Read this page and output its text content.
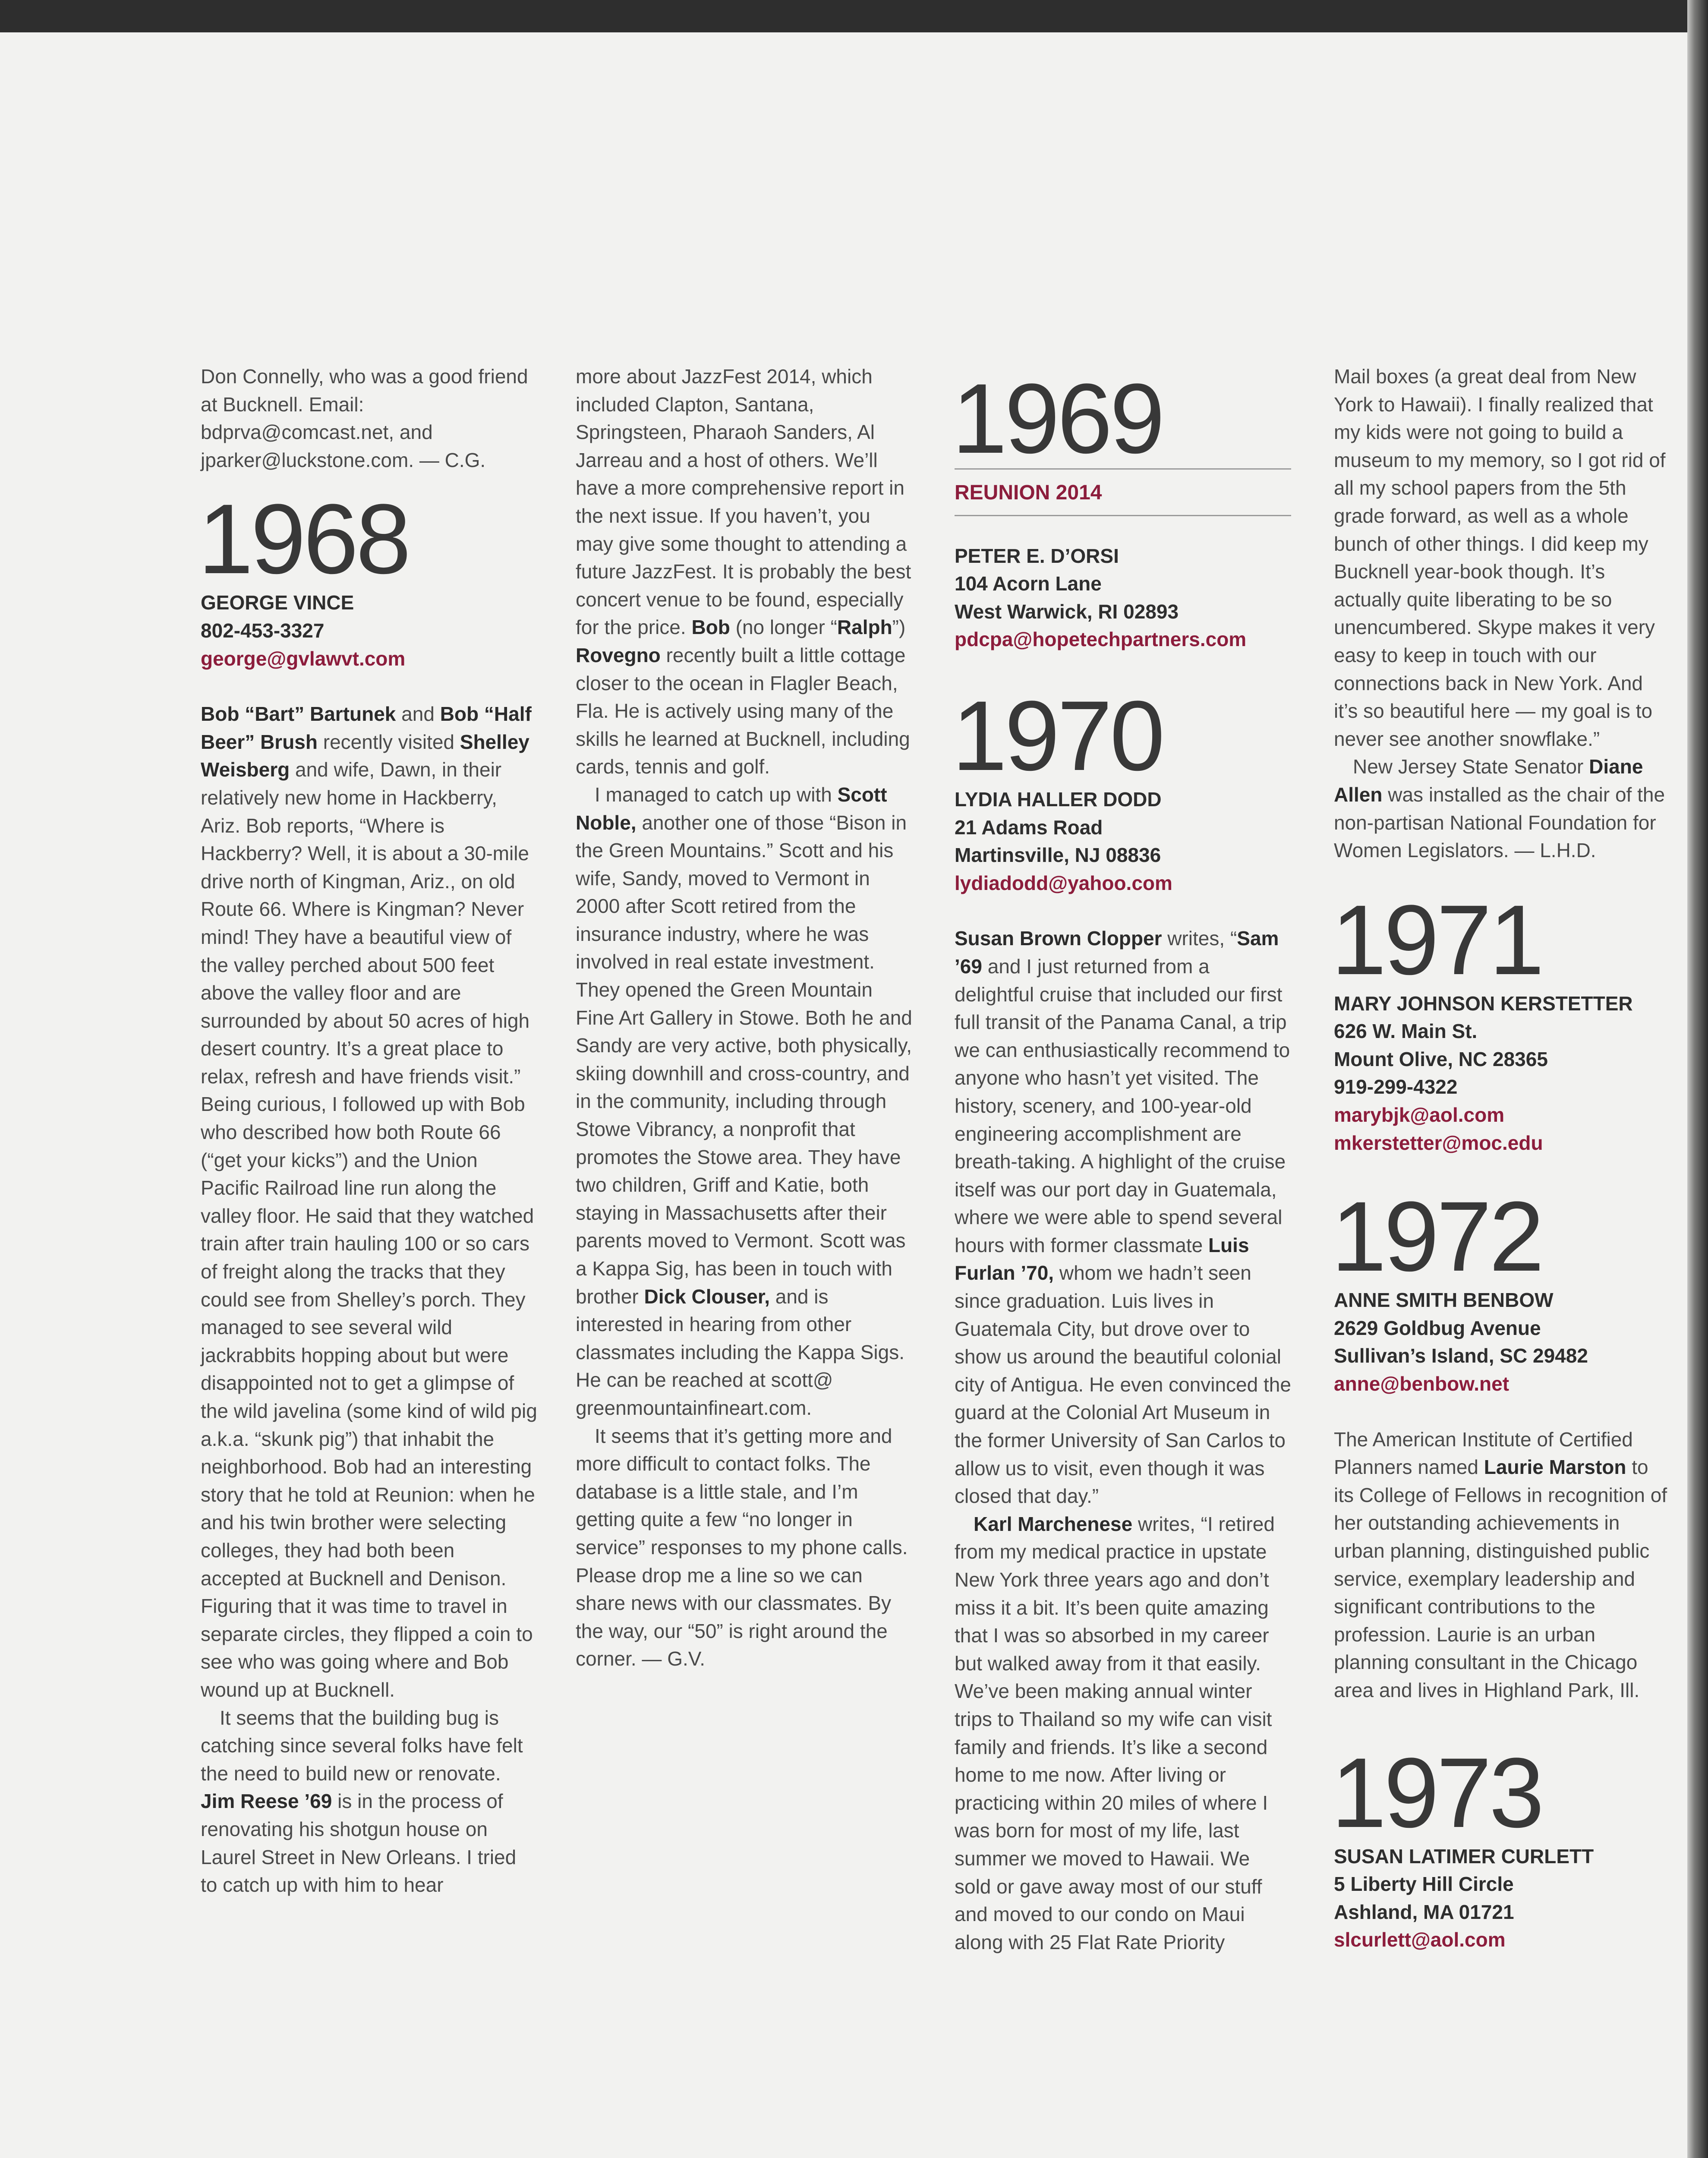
Don Connelly, who was a good friend at Bucknell. Email: bdprva@comcast.net, and jparker@luckstone.com. — C.G.

1968
GEORGE VINCE
802-453-3327
george@gvlawvt.com

Bob “Bart” Bartunek and Bob “Half Beer” Brush recently visited Shelley Weisberg and wife, Dawn, in their relatively new home in Hackberry, Ariz. Bob reports, “Where is Hackberry? Well, it is about a 30-mile drive north of Kingman, Ariz., on old Route 66. Where is Kingman? Never mind! They have a beautiful view of the valley perched about 500 feet above the valley floor and are surrounded by about 50 acres of high desert country. It’s a great place to relax, refresh and have friends visit.” Being curious, I followed up with Bob who described how both Route 66 (“get your kicks”) and the Union Pacific Railroad line run along the valley floor. He said that they watched train after train hauling 100 or so cars of freight along the tracks that they could see from Shelley’s porch. They managed to see several wild jackrabbits hopping about but were disappointed not to get a glimpse of the wild javelina (some kind of wild pig a.k.a. “skunk pig”) that inhabit the neighborhood. Bob had an interesting story that he told at Reunion: when he and his twin brother were selecting colleges, they had both been accepted at Bucknell and Denison. Figuring that it was time to travel in separate circles, they flipped a coin to see who was going where and Bob wound up at Bucknell.

It seems that the building bug is catching since several folks have felt the need to build new or renovate. Jim Reese ’69 is in the process of renovating his shotgun house on Laurel Street in New Orleans. I tried to catch up with him to hear

more about JazzFest 2014, which included Clapton, Santana, Springsteen, Pharaoh Sanders, Al Jarreau and a host of others. We’ll have a more comprehensive report in the next issue. If you haven’t, you may give some thought to attending a future JazzFest. It is probably the best concert venue to be found, especially for the price. Bob (no longer “Ralph”) Rovegno recently built a little cottage closer to the ocean in Flagler Beach, Fla. He is actively using many of the skills he learned at Bucknell, including cards, tennis and golf.

I managed to catch up with Scott Noble, another one of those “Bison in the Green Mountains.” Scott and his wife, Sandy, moved to Vermont in 2000 after Scott retired from the insurance industry, where he was involved in real estate investment. They opened the Green Mountain Fine Art Gallery in Stowe. Both he and Sandy are very active, both physically, skiing downhill and cross-country, and in the community, including through Stowe Vibrancy, a nonprofit that promotes the Stowe area. They have two children, Griff and Katie, both staying in Massachusetts after their parents moved to Vermont. Scott was a Kappa Sig, has been in touch with brother Dick Clouser, and is interested in hearing from other classmates including the Kappa Sigs. He can be reached at scott@ greenmountainfineart.com.

It seems that it’s getting more and more difficult to contact folks. The database is a little stale, and I’m getting quite a few “no longer in service” responses to my phone calls. Please drop me a line so we can share news with our classmates. By the way, our “50” is right around the corner. — G.V.

1969
REUNION 2014
PETER E. D’ORSI
104 Acorn Lane
West Warwick, RI 02893
pdcpa@hopetechpartners.com
1970
LYDIA HALLER DODD
21 Adams Road
Martinsville, NJ 08836
lydiadodd@yahoo.com

Susan Brown Clopper writes, “Sam ’69 and I just returned from a delightful cruise that included our first full transit of the Panama Canal, a trip we can enthusiastically recommend to anyone who hasn’t yet visited. The history, scenery, and 100-year-old engineering accomplishment are breath-taking. A highlight of the cruise itself was our port day in Guatemala, where we were able to spend several hours with former classmate Luis Furlan ’70, whom we hadn’t seen since graduation. Luis lives in Guatemala City, but drove over to show us around the beautiful colonial city of Antigua. He even convinced the guard at the Colonial Art Museum in the former University of San Carlos to allow us to visit, even though it was closed that day.”

Karl Marchenese writes, “I retired from my medical practice in upstate New York three years ago and don’t miss it a bit. It’s been quite amazing that I was so absorbed in my career but walked away from it that easily. We’ve been making annual winter trips to Thailand so my wife can visit family and friends. It’s like a second home to me now. After living or practicing within 20 miles of where I was born for most of my life, last summer we moved to Hawaii. We sold or gave away most of our stuff and moved to our condo on Maui along with 25 Flat Rate Priority

Mail boxes (a great deal from New York to Hawaii). I finally realized that my kids were not going to build a museum to my memory, so I got rid of all my school papers from the 5th grade forward, as well as a whole bunch of other things. I did keep my Bucknell year-book though. It’s actually quite liberating to be so unencumbered. Skype makes it very easy to keep in touch with our connections back in New York. And it’s so beautiful here — my goal is to never see another snowflake.”

New Jersey State Senator Diane Allen was installed as the chair of the non-partisan National Foundation for Women Legislators. — L.H.D.

1971
MARY JOHNSON KERSTETTER
626 W. Main St.
Mount Olive, NC 28365
919-299-4322
marybjk@aol.com
mkerstetter@moc.edu
1972
ANNE SMITH BENBOW
2629 Goldbug Avenue
Sullivan’s Island, SC 29482
anne@benbow.net

The American Institute of Certified Planners named Laurie Marston to its College of Fellows in recognition of her outstanding achievements in urban planning, distinguished public service, exemplary leadership and significant contributions to the profession. Laurie is an urban planning consultant in the Chicago area and lives in Highland Park, Ill.

1973
SUSAN LATIMER CURLETT
5 Liberty Hill Circle
Ashland, MA 01721
slcurlett@aol.com
